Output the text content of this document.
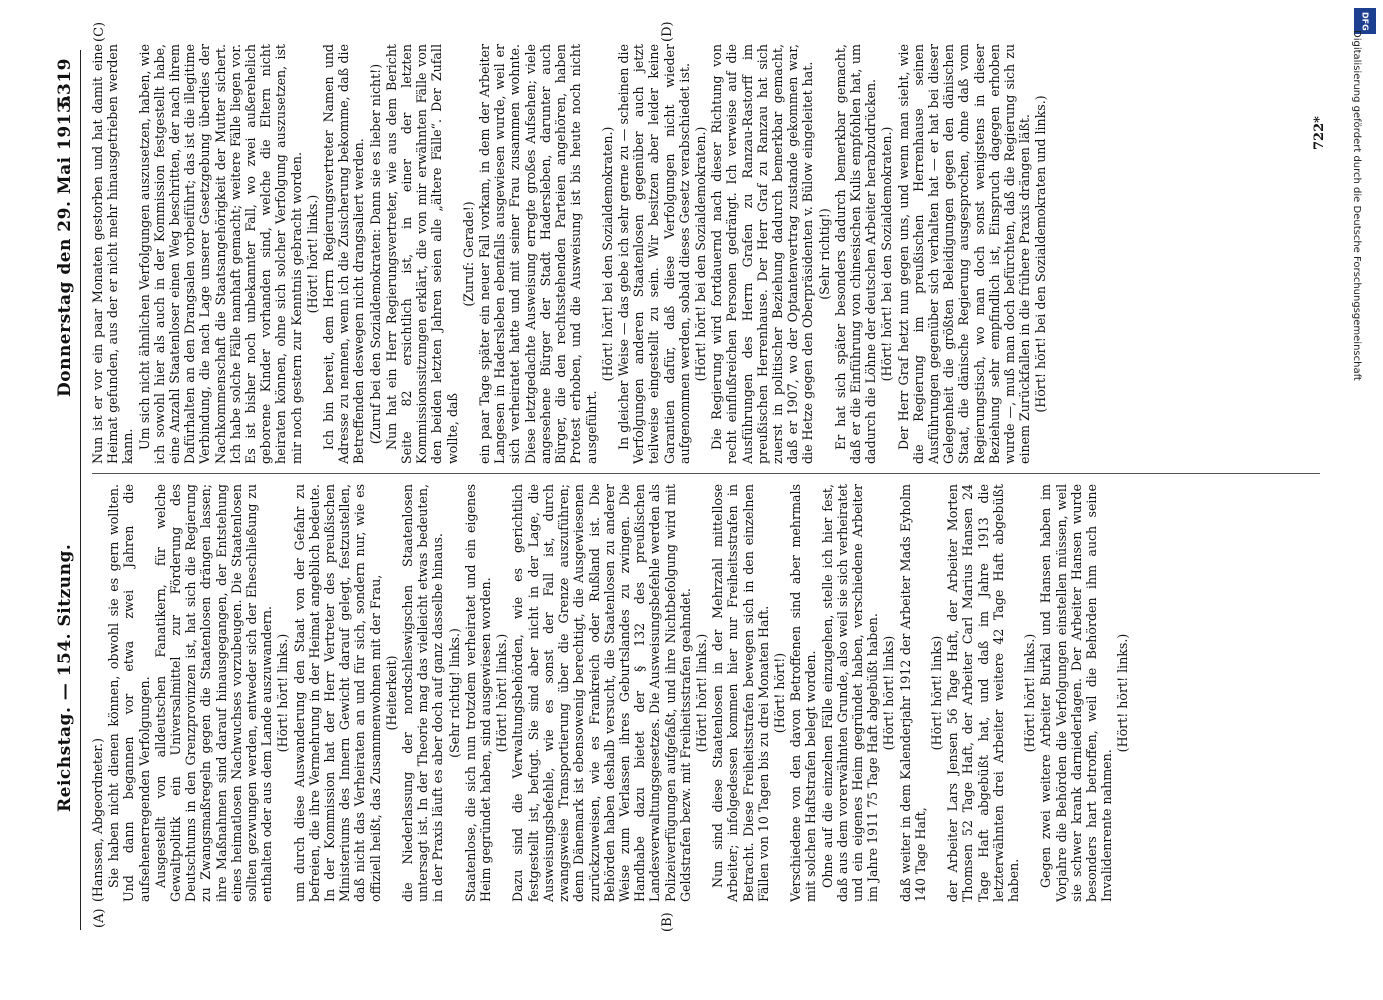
Reichstag. — 154. Sitzung.
Donnerstag den 29. Mai 1913.
5319
(A)	(B)
(C)	(D)

(Hanssen, Abgeordneter.) Sie haben nicht dienen können, obwohl sie es gern wollten. Und dann begannen vor etwa zwei Jahren die aufsehenerregenden Verfolgungen. Ausgestellt von alldeutschen Fanatikern, für welche Gewaltpolitik ein Universalmittel zur Förderung des Deutschtums in den Grenzprovinzen ist, hat sich die Regierung zu Zwangsmaßregeln gegen die Staatenlosen drängen lassen; ihre Maßnahmen sind darauf hinausgegangen, der Entstehung eines heimatlosen Nachwuchses vorzubeugen. Die Staatenlosen sollten gezwungen werden, entweder sich der Eheschließung zu enthalten oder aus dem Lande auszuwandern. (Hört! hört! links.) um durch diese Auswanderung den Staat von der Gefahr zu befreien, die ihre Vermehrung in der Heimat angeblich bedeute. In der Kommission hat der Herr Vertreter des preußischen Ministeriums des Innern Gewicht darauf gelegt, festzustellen, daß nicht das Verheiraten an und für sich, sondern nur, wie es offiziell heißt, das Zusammenwohnen mit der Frau, (Heiterkeit) die Niederlassung der nordschleswigschen Staatenlosen untersagt ist. In der Theorie mag das vielleicht etwas bedeuten, in der Praxis läuft es aber doch auf ganz dasselbe hinaus. (Sehr richtig! links.) Staatenlose, die sich nun trotzdem verheiratet und ein eigenes Heim gegründet haben, sind ausgewiesen worden. (Hört! hört! links.) Dazu sind die Verwaltungsbehörden, wie es gerichtlich festgestellt ist, befugt. Sie sind aber nicht in der Lage, die Ausweisungsbefehle, wie es sonst der Fall ist, durch zwangsweise Transportierung über die Grenze auszuführen; denn Dänemark ist ebensowenig berechtigt, die Ausgewiesenen zurückzuweisen, wie es Frankreich oder Rußland ist. Die Behörden haben deshalb versucht, die Staatenlosen zu anderer Weise zum Verlassen ihres Geburtslandes zu zwingen. Die Handhabe dazu bietet der § 132 des preußischen Landesverwaltungsgesetzes. Die Ausweisungsbefehle werden als Polizeiverfügungen aufgefaßt, und ihre Nichtbefolgung wird mit Geldstrafen bezw. mit Freiheitsstrafen geahndet. (Hört! hört! links.) Nun sind diese Staatenlosen in der Mehrzahl mittellose Arbeiter; infolgedessen kommen hier nur Freiheitsstrafen in Betracht. Diese Freiheitsstrafen bewegen sich in den einzelnen Fällen von 10 Tagen bis zu drei Monaten Haft. (Hört! hört!) Verschiedene von den davon Betroffenen sind aber mehrmals mit solchen Haftstrafen belegt worden. Ohne auf die einzelnen Fälle einzugehen, stelle ich hier fest, daß aus dem vorerwähnten Grunde, also weil sie sich verheiratet und ein eigenes Heim gegründet haben, verschiedene Arbeiter im Jahre 1911 75 Tage Haft abgebüßt haben. (Hört! hört! links) daß weiter in dem Kalenderjahr 1912 der Arbeiter Mads Eyholm 140 Tage Haft,

(Hört! hört! links) der Arbeiter Lars Jensen 56 Tage Haft, der Arbeiter Morten Thomsen 52 Tage Haft, der Arbeiter Carl Marius Hansen 24 Tage Haft abgebüßt hat, und daß im Jahre 1913 die letzterwähnten drei Arbeiter weitere 42 Tage Haft abgebüßt haben.

(Hört! hört! links.) Gegen zwei weitere Arbeiter Burkal und Hansen haben im Vorjahre die Behörden die Verfolgungen einstellen müssen, weil sie schwer krank darniederlagen. Der Arbeiter Hansen wurde besonders hart betroffen, weil die Behörden ihm auch seine Invalidenrente nahmen.

(Hört! hört! links.)

Nun ist er vor ein paar Monaten gestorben und hat damit eine Heimat gefunden, aus der er nicht mehr hinausgetrieben werden kann. Um sich nicht ähnlichen Verfolgungen auszusetzen, haben, wie ich sowohl hier als auch in der Kommission festgestellt habe, eine Anzahl Staatenloser einen Weg beschritten, der nach ihrem Dafürhalten an den Drangsalen vorbeiführt; das ist die illegitime Verbindung, die nach Lage unserer Gesetzgebung überdies der Nachkommenschaft die Staatsangehörigkeit der Mutter sichert. Ich habe solche Fälle namhaft gemacht; weitere Fälle liegen vor. Es ist bisher noch unbekannter Fall, wo zwei außerehelich geborene Kinder vorhanden sind, welche die Eltern nicht heiraten können, ohne sich solcher Verfolgung auszusetzen, ist mir noch gestern zur Kenntnis gebracht worden. (Hört! hört! links.) Ich bin bereit, dem Herrn Regierungsvertreter Namen und Adresse zu nennen, wenn ich die Zusicherung bekomme, daß die Betreffenden deswegen nicht drangsaliert werden. (Zuruf bei den Sozialdemokraten: Dann sie es lieber nicht!) Nun hat ein Herr Regierungsvertreter, wie aus dem Bericht Seite 82 ersichtlich ist, in einer der letzten Kommissionssitzungen erklärt, die von mir erwähnten Fälle von den beiden letzten Jahren seien alle „ältere Fälle“. Der Zufall wollte, daß

(Zuruf: Gerade!) ein paar Tage später ein neuer Fall vorkam, in dem der Arbeiter Langesen in Hadersleben ebenfalls ausgewiesen wurde, weil er sich verheiratet hatte und mit seiner Frau zusammen wohnte. Diese letztgedachte Ausweisung erregte großes Aufsehen; viele angesehene Bürger der Stadt Hadersleben, darunter auch Bürger, die den rechtsstehenden Parteien angehören, haben Protest erhoben, und die Ausweisung ist bis heute noch nicht ausgeführt.

(Hört! hört! bei den Sozialdemokraten.) In gleicher Weise — das gebe ich sehr gerne zu — scheinen die Verfolgungen anderen Staatenlosen gegenüber auch jetzt teilweise eingestellt zu sein. Wir besitzen aber leider keine Garantien dafür, daß diese Verfolgungen nicht wieder aufgenommen werden, sobald dieses Gesetz verabschiedet ist. (Hört! hört! bei den Sozialdemokraten.) Die Regierung wird fortdauernd nach dieser Richtung von recht einflußreichen Personen gedrängt. Ich verweise auf die Ausführungen des Herrn Grafen zu Ranzau-Rastorff im preußischen Herrenhause. Der Herr Graf zu Ranzau hat sich zuerst in politischer Beziehung dadurch bemerkbar gemacht, daß er 1907, wo der Optantenvertrag zustande gekommen war, die Hetze gegen den Oberpräsidenten v. Bülow eingeleitet hat. (Sehr richtig!) Er hat sich später besonders dadurch bemerkbar gemacht, daß er die Einführung von chinesischen Kulis empfohlen hat, um dadurch die Löhne der deutschen Arbeiter herabzudrücken. (Hört! hört! bei den Sozialdemokraten.) Der Herr Graf hetzt nun gegen uns, und wenn man sieht, wie die Regierung im preußischen Herrenhause seinen Ausführungen gegenüber sich verhalten hat — er hat bei dieser Gelegenheit die größten Beleidigungen gegen den dänischen Staat, die dänische Regierung ausgesprochen, ohne daß vom Regierungstisch, wo man doch sonst wenigstens in dieser Beziehung sehr empfindlich ist, Einspruch dagegen erhoben wurde —, muß man doch befürchten, daß die Regierung sich zu einem Zurückfallen in die frühere Praxis drängen läßt. (Hört! hört! bei den Sozialdemokraten und links.)	722*
DFG
Digitalisierung gefördert durch die Deutsche Forschungsgemeinschaft
